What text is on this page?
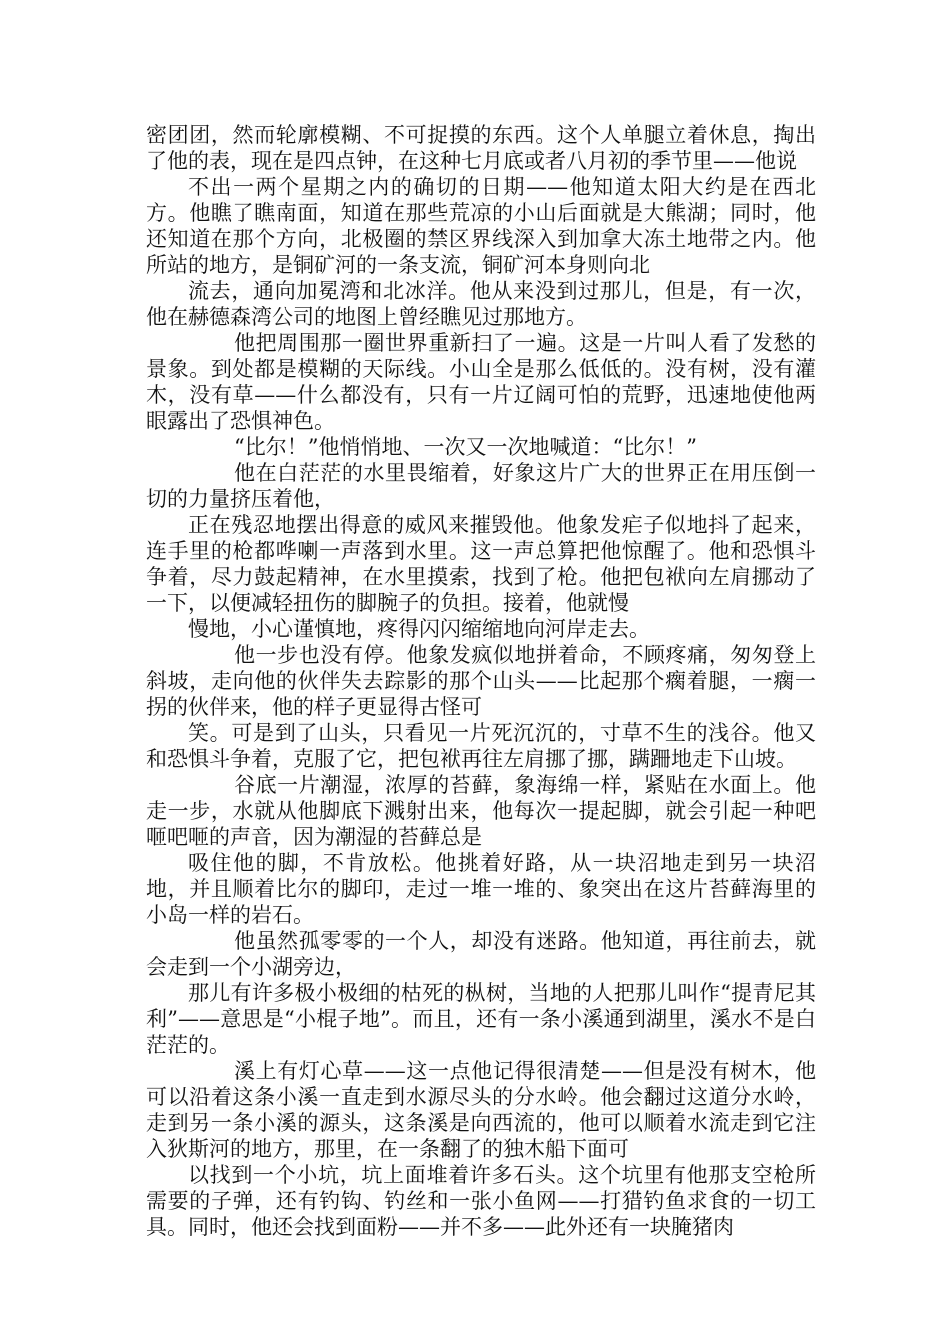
密团团，然而轮廓模糊、不可捉摸的东西。这个人单腿立着休息，掏出了他的表，现在是四点钟，在这种七月底或者八月初的季节里——他说

不出一两个星期之内的确切的日期——他知道太阳大约是在西北方。他瞧了瞧南面，知道在那些荒凉的小山后面就是大熊湖；同时，他还知道在那个方向，北极圈的禁区界线深入到加拿大冻土地带之内。他所站的地方，是铜矿河的一条支流，铜矿河本身则向北

流去，通向加冕湾和北冰洋。他从来没到过那儿，但是，有一次，他在赫德森湾公司的地图上曾经瞧见过那地方。

他把周围那一圈世界重新扫了一遍。这是一片叫人看了发愁的景象。到处都是模糊的天际线。小山全是那么低低的。没有树，没有灌木，没有草——什么都没有，只有一片辽阔可怕的荒野，迅速地使他两眼露出了恐惧神色。

“比尔！”他悄悄地、一次又一次地喊道：“比尔！”

他在白茫茫的水里畏缩着，好象这片广大的世界正在用压倒一切的力量挤压着他，

正在残忍地摆出得意的威风来摧毁他。他象发疟子似地抖了起来，连手里的枪都哗喇一声落到水里。这一声总算把他惊醒了。他和恐惧斗争着，尽力鼓起精神，在水里摸索，找到了枪。他把包袱向左肩挪动了一下，以便减轻扭伤的脚腕子的负担。接着，他就慢

慢地，小心谨慎地，疼得闪闪缩缩地向河岸走去。

他一步也没有停。他象发疯似地拼着命，不顾疼痛，匆匆登上斜坡，走向他的伙伴失去踪影的那个山头——比起那个瘸着腿，一瘸一拐的伙伴来，他的样子更显得古怪可

笑。可是到了山头，只看见一片死沉沉的，寸草不生的浅谷。他又和恐惧斗争着，克服了它，把包袱再往左肩挪了挪，蹒跚地走下山坡。

谷底一片潮湿，浓厚的苔藓，象海绵一样，紧贴在水面上。他走一步，水就从他脚底下溅射出来，他每次一提起脚，就会引起一种吧咂吧咂的声音，因为潮湿的苔藓总是

吸住他的脚，不肯放松。他挑着好路，从一块沼地走到另一块沼地，并且顺着比尔的脚印，走过一堆一堆的、象突出在这片苔藓海里的小岛一样的岩石。

他虽然孤零零的一个人，却没有迷路。他知道，再往前去，就会走到一个小湖旁边，

那儿有许多极小极细的枯死的枞树，当地的人把那儿叫作“提青尼其利”——意思是“小棍子地”。而且，还有一条小溪通到湖里，溪水不是白茫茫的。

溪上有灯心草——这一点他记得很清楚——但是没有树木，他可以沿着这条小溪一直走到水源尽头的分水岭。他会翻过这道分水岭，走到另一条小溪的源头，这条溪是向西流的，他可以顺着水流走到它注入狄斯河的地方，那里，在一条翻了的独木船下面可

以找到一个小坑，坑上面堆着许多石头。这个坑里有他那支空枪所需要的子弹，还有钓钩、钓丝和一张小鱼网——打猎钓鱼求食的一切工具。同时，他还会找到面粉——并不多——此外还有一块腌猪肉
